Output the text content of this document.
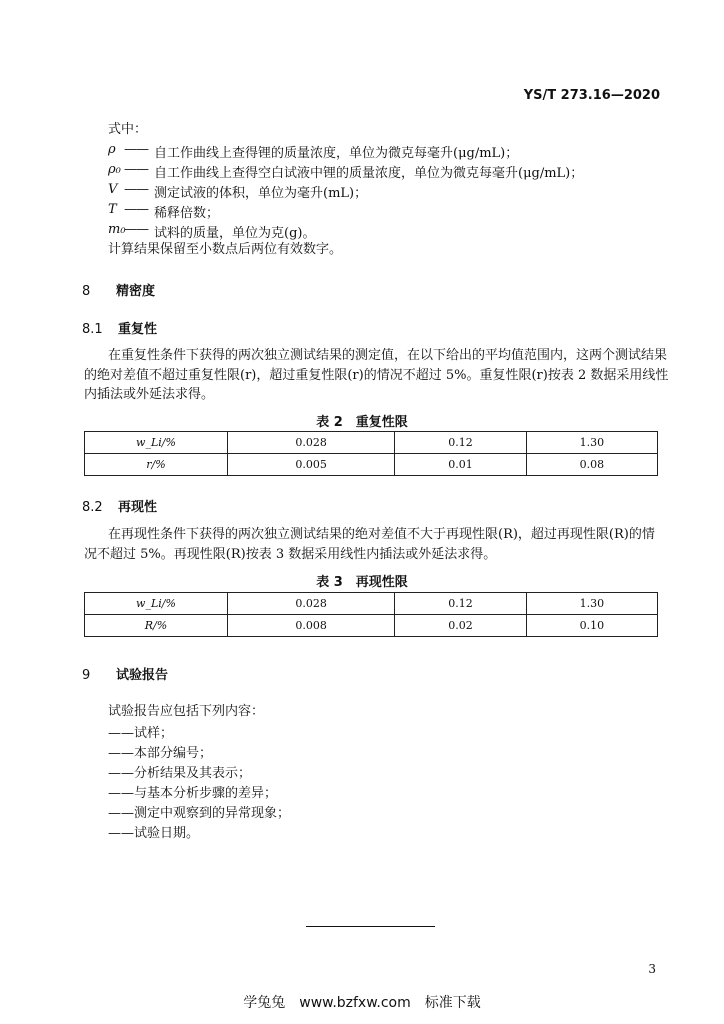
YS/T 273.16—2020
式中：
ρ —— 自工作曲线上查得锂的质量浓度，单位为微克每毫升(μg/mL)；
ρ₀ —— 自工作曲线上查得空白试液中锂的质量浓度，单位为微克每毫升(μg/mL)；
V —— 测定试液的体积，单位为毫升(mL)；
T —— 稀释倍数；
m₀
—— 试料的质量，单位为克(g)。
计算结果保留至小数点后两位有效数字。
8 精密度
8.1 重复性
在重复性条件下获得的两次独立测试结果的测定值，在以下给出的平均值范围内，这两个测试结果
的绝对差值不超过重复性限(r)，超过重复性限(r)的情况不超过 5%。重复性限(r)按表 2 数据采用线性
内插法或外延法求得。
表 2　重复性限
w_Li/%	0.028	0.12	1.30
r/%	0.005	0.01	0.08
8.2 再现性
在再现性条件下获得的两次独立测试结果的绝对差值不大于再现性限(R)，超过再现性限(R)的情
况不超过 5%。再现性限(R)按表 3 数据采用线性内插法或外延法求得。
表 3　再现性限
w_Li/%	0.028	0.12	1.30
R/%	0.008	0.02	0.10
9 试验报告
试验报告应包括下列内容：
——试样；
——本部分编号；
——分析结果及其表示；
——与基本分析步骤的差异；
——测定中观察到的异常现象；
——试验日期。
3
学兔兔　www.bzfxw.com　标准下载
